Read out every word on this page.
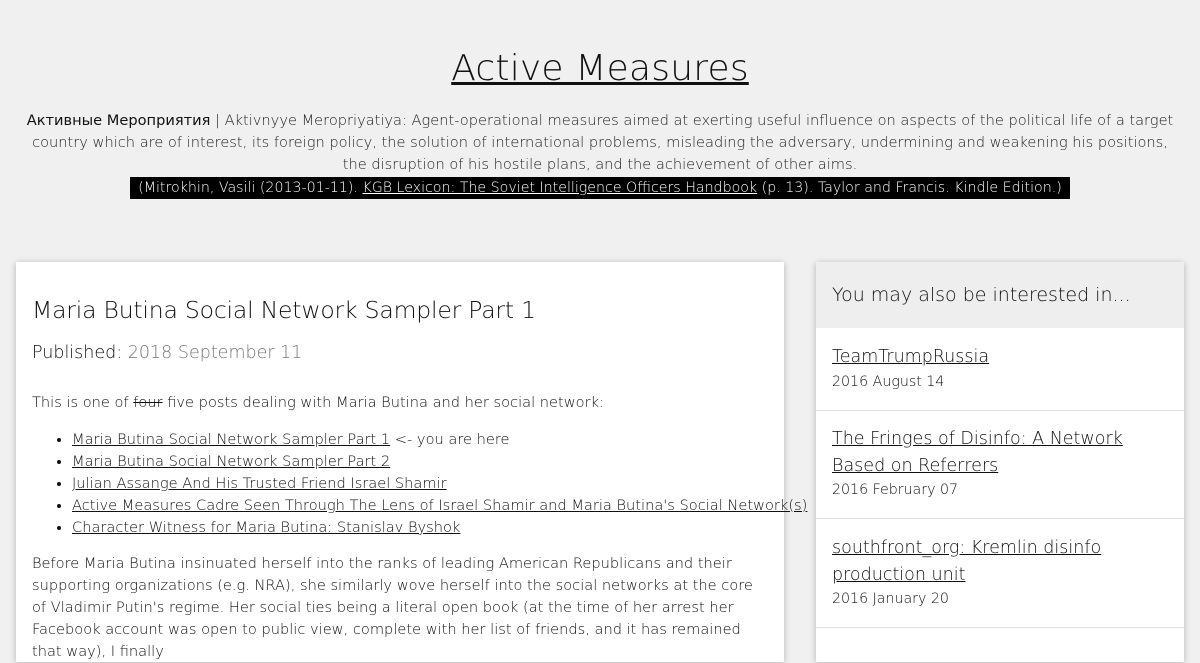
Active Measures
Активные Мероприятия | Aktivnyye Meropriyatiya: Agent-operational measures aimed at exerting useful influence on aspects of the political life of a target country which are of interest, its foreign policy, the solution of international problems, misleading the adversary, undermining and weakening his positions, the disruption of his hostile plans, and the achievement of other aims.
(Mitrokhin, Vasili (2013-01-11). KGB Lexicon: The Soviet Intelligence Officers Handbook (p. 13). Taylor and Francis. Kindle Edition.)
Maria Butina Social Network Sampler Part 1
Published: 2018 September 11
This is one of four five posts dealing with Maria Butina and her social network:
• Maria Butina Social Network Sampler Part 1 <- you are here
• Maria Butina Social Network Sampler Part 2
• Julian Assange And His Trusted Friend Israel Shamir
• Active Measures Cadre Seen Through The Lens of Israel Shamir and Maria Butina's Social Network(s)
• Character Witness for Maria Butina: Stanislav Byshok
Before Maria Butina insinuated herself into the ranks of leading American Republicans and their supporting organizations (e.g. NRA), she similarly wove herself into the social networks at the core of Vladimir Putin's regime. Her social ties being a literal open book (at the time of her arrest her Facebook account was open to public view, complete with her list of friends, and it has remained that way), I finally
You may also be interested in...
TeamTrumpRussia
2016 August 14
The Fringes of Disinfo: A Network Based on Referrers
2016 February 07
southfront_org: Kremlin disinfo production unit
2016 January 20
